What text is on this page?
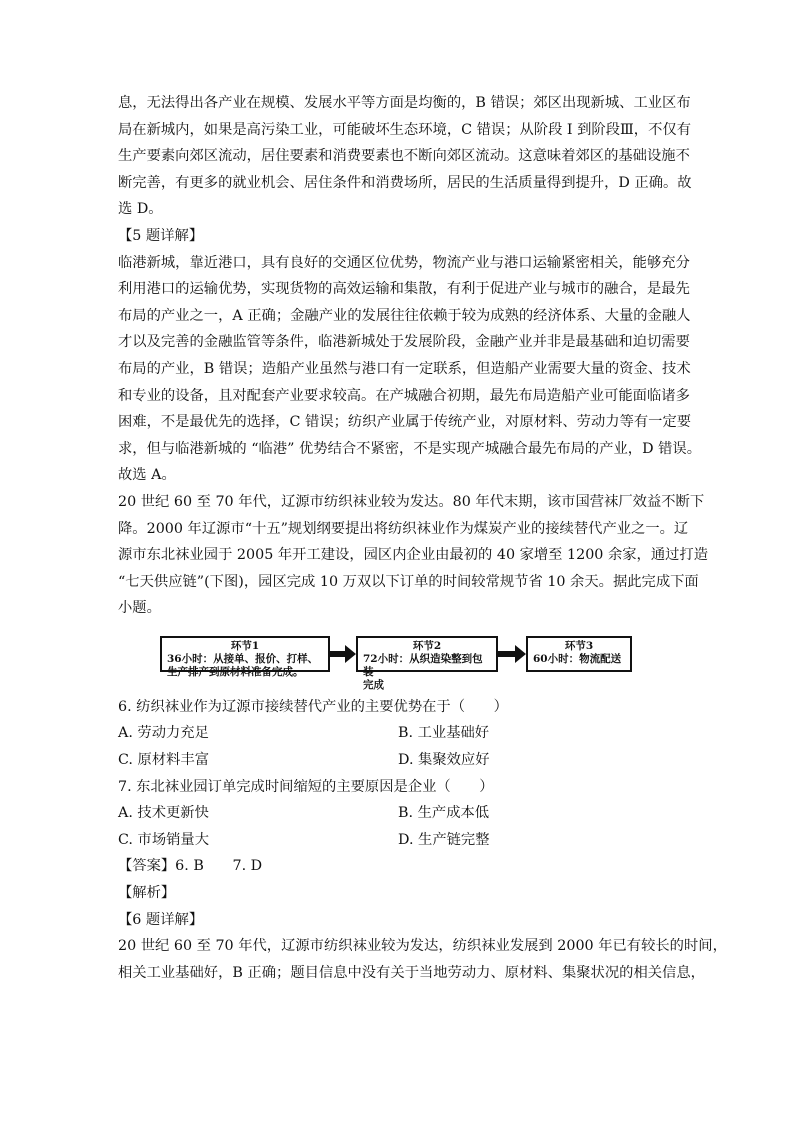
息，无法得出各产业在规模、发展水平等方面是均衡的，B 错误；郊区出现新城、工业区布
局在新城内，如果是高污染工业，可能破坏生态环境，C 错误；从阶段 I 到阶段Ⅲ，不仅有
生产要素向郊区流动，居住要素和消费要素也不断向郊区流动。这意味着郊区的基础设施不
断完善，有更多的就业机会、居住条件和消费场所，居民的生活质量得到提升，D 正确。故
选 D。
【5 题详解】
临港新城，靠近港口，具有良好的交通区位优势，物流产业与港口运输紧密相关，能够充分
利用港口的运输优势，实现货物的高效运输和集散，有利于促进产业与城市的融合，是最先
布局的产业之一，A 正确；金融产业的发展往往依赖于较为成熟的经济体系、大量的金融人
才以及完善的金融监管等条件，临港新城处于发展阶段，金融产业并非是最基础和迫切需要
布局的产业，B 错误；造船产业虽然与港口有一定联系，但造船产业需要大量的资金、技术
和专业的设备，且对配套产业要求较高。在产城融合初期，最先布局造船产业可能面临诸多
困难，不是最优先的选择，C 错误；纺织产业属于传统产业，对原材料、劳动力等有一定要
求，但与临港新城的 “临港” 优势结合不紧密，不是实现产城融合最先布局的产业，D 错误。
故选 A。
20 世纪 60 至 70 年代，辽源市纺织袜业较为发达。80 年代末期，该市国营袜厂效益不断下
降。2000 年辽源市“十五”规划纲要提出将纺织袜业作为煤炭产业的接续替代产业之一。辽
源市东北袜业园于 2005 年开工建设，园区内企业由最初的 40 家增至 1200 余家，通过打造
“七天供应链”(下图)，园区完成 10 万双以下订单的时间较常规节省 10 余天。据此完成下面
小题。
环节1
36小时：从接单、报价、打样、
生产排产到原材料准备完成。
环节2
72小时：从织造染整到包装
完成
环节3
60小时：物流配送
6. 纺织袜业作为辽源市接续替代产业的主要优势在于（　　）
A. 劳动力充足	B. 工业基础好
C. 原材料丰富	D. 集聚效应好
7. 东北袜业园订单完成时间缩短的主要原因是企业（　　）
A. 技术更新快	B. 生产成本低
C. 市场销量大	D. 生产链完整
【答案】6. B　　7. D
【解析】
【6 题详解】
20 世纪 60 至 70 年代，辽源市纺织袜业较为发达，纺织袜业发展到 2000 年已有较长的时间，
相关工业基础好，B 正确；题目信息中没有关于当地劳动力、原材料、集聚状况的相关信息，
